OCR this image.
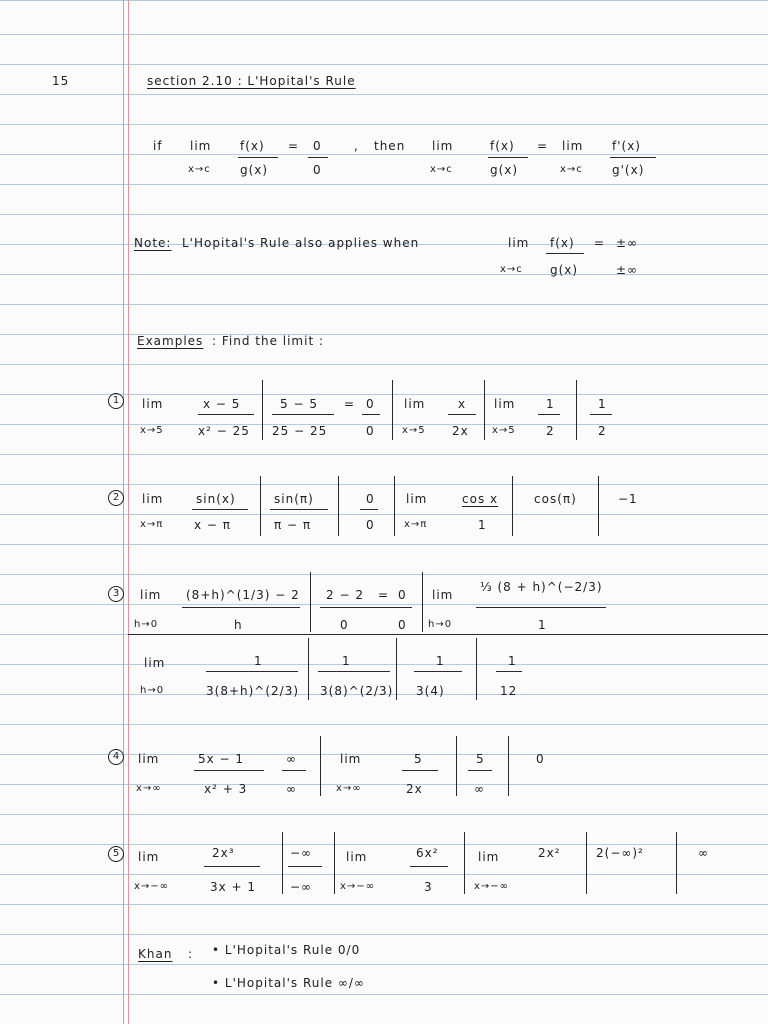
15	section 2.10 : L'Hopital's Rule
if lim
x→c
f(x)
g(x)
= 0
0
, then lim
x→c
f(x)
g(x)
= lim
x→c
f'(x)
g'(x)
Note: L'Hopital's Rule also applies when	lim
x→c
f(x)
g(x)
= ±∞
±∞
Examples : Find the limit :
1	lim
x→5
x − 5
x² − 25
5 − 5
25 − 25
= 0
0
lim
x→5
x
2x
lim
x→5
1
2
1
2
2	lim
x→π
sin(x)
x − π
sin(π)
π − π
0
0
lim
x→π
cos x
1
cos(π)	−1
3	lim
h→0
(8+h)^(1/3) − 2
h
2 − 2 = 0
0	0
lim
h→0
⅓ (8 + h)^(−2/3)
1
lim
h→0
1
3(8+h)^(2/3)
1
3(8)^(2/3)
1
3(4)
1
12
4	lim
x→∞
5x − 1
x² + 3
∞
∞
lim
x→∞
5
2x
5
∞
0
5	lim
x→−∞
2x³
3x + 1
−∞
−∞
lim
x→−∞
6x²
3
lim
x→−∞
2x²	2(−∞)²	∞
Khan : • L'Hopital's Rule 0/0
• L'Hopital's Rule ∞/∞
